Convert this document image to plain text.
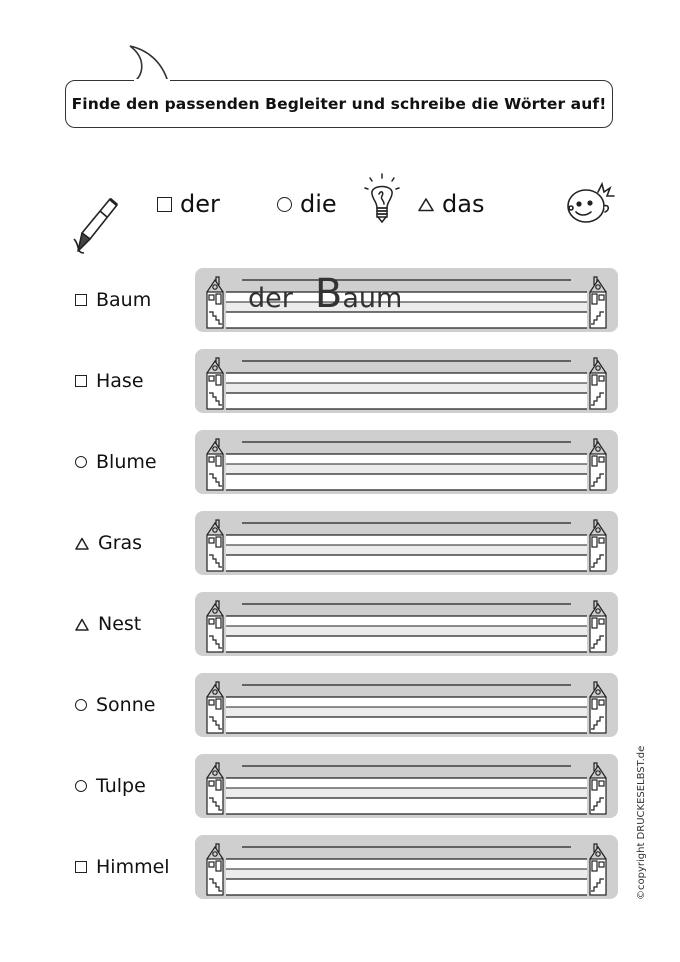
Finde den passenden Begleiter und schreibe die Wörter auf!
der	die	das
Baum
Hase
Blume
Gras
Nest
Sonne
Tulpe
Himmel
der B aum
©copyright DRUCKESELBST.de
